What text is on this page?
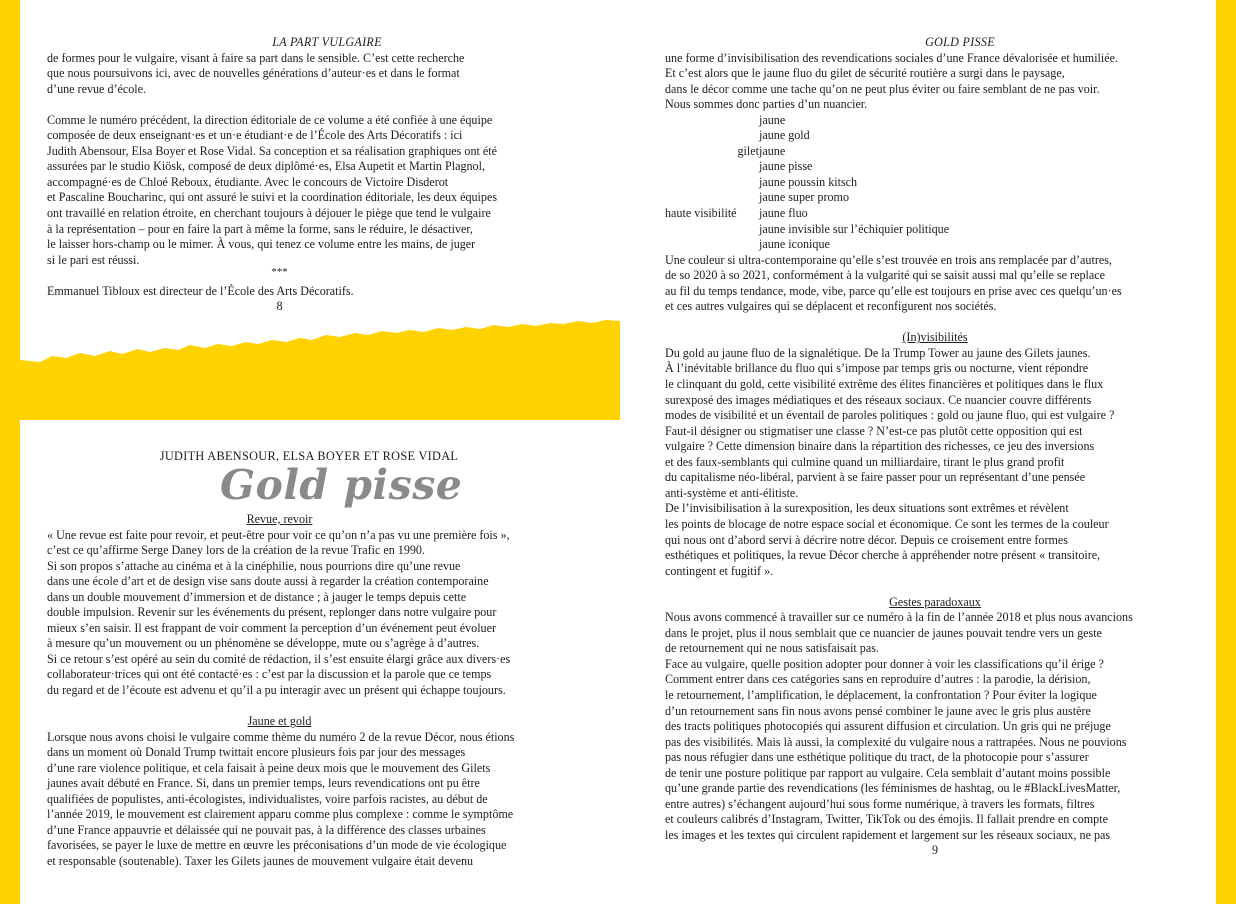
LA PART VULGAIRE
de formes pour le vulgaire, visant à faire sa part dans le sensible. C’est cette recherche
que nous poursuivons ici, avec de nouvelles générations d’auteur·es et dans le format
d’une revue d’école.
Comme le numéro précédent, la direction éditoriale de ce volume a été confiée à une équipe
composée de deux enseignant·es et un·e étudiant·e de l’École des Arts Décoratifs : ici
Judith Abensour, Elsa Boyer et Rose Vidal. Sa conception et sa réalisation graphiques ont été
assurées par le studio Kiösk, composé de deux diplômé·es, Elsa Aupetit et Martin Plagnol,
accompagné·es de Chloé Reboux, étudiante. Avec le concours de Victoire Disderot
et Pascaline Boucharinc, qui ont assuré le suivi et la coordination éditoriale, les deux équipes
ont travaillé en relation étroite, en cherchant toujours à déjouer le piège que tend le vulgaire
à la représentation – pour en faire la part à même la forme, sans le réduire, le désactiver,
le laisser hors-champ ou le mimer. À vous, qui tenez ce volume entre les mains, de juger
si le pari est réussi.
***
Emmanuel Tibloux est directeur de l’École des Arts Décoratifs.
8
JUDITH ABENSOUR, ELSA BOYER ET ROSE VIDAL
Gold pisse
Revue, revoir
« Une revue est faite pour revoir, et peut-être pour voir ce qu’on n’a pas vu une première fois »,
c’est ce qu’affirme Serge Daney lors de la création de la revue Trafic en 1990.
Si son propos s’attache au cinéma et à la cinéphilie, nous pourrions dire qu’une revue
dans une école d’art et de design vise sans doute aussi à regarder la création contemporaine
dans un double mouvement d’immersion et de distance ; à jauger le temps depuis cette
double impulsion. Revenir sur les événements du présent, replonger dans notre vulgaire pour
mieux s’en saisir. Il est frappant de voir comment la perception d’un événement peut évoluer
à mesure qu’un mouvement ou un phénomène se développe, mute ou s’agrège à d’autres.
Si ce retour s’est opéré au sein du comité de rédaction, il s’est ensuite élargi grâce aux divers·es
collaborateur·trices qui ont été contacté·es : c’est par la discussion et la parole que ce temps
du regard et de l’écoute est advenu et qu’il a pu interagir avec un présent qui échappe toujours.
Jaune et gold
Lorsque nous avons choisi le vulgaire comme thème du numéro 2 de la revue Décor, nous étions
dans un moment où Donald Trump twittait encore plusieurs fois par jour des messages
d’une rare violence politique, et cela faisait à peine deux mois que le mouvement des Gilets
jaunes avait débuté en France. Si, dans un premier temps, leurs revendications ont pu être
qualifiées de populistes, anti-écologistes, individualistes, voire parfois racistes, au début de
l’année 2019, le mouvement est clairement apparu comme plus complexe : comme le symptôme
d’une France appauvrie et délaissée qui ne pouvait pas, à la différence des classes urbaines
favorisées, se payer le luxe de mettre en œuvre les préconisations d’un mode de vie écologique
et responsable (soutenable). Taxer les Gilets jaunes de mouvement vulgaire était devenu
GOLD PISSE
une forme d’invisibilisation des revendications sociales d’une France dévalorisée et humiliée.
Et c’est alors que le jaune fluo du gilet de sécurité routière a surgi dans le paysage,
dans le décor comme une tache qu’on ne peut plus éviter ou faire semblant de ne pas voir.
Nous sommes donc parties d’un nuancier.
jaune
jaune gold
giletjaune
jaune pisse
jaune poussin kitsch
jaune super promo
haute visibilité jaune fluo
jaune invisible sur l’échiquier politique
jaune iconique
Une couleur si ultra-contemporaine qu’elle s’est trouvée en trois ans remplacée par d’autres,
de so 2020 à so 2021, conformément à la vulgarité qui se saisit aussi mal qu’elle se replace
au fil du temps tendance, mode, vibe, parce qu’elle est toujours en prise avec ces quelqu’un·es
et ces autres vulgaires qui se déplacent et reconfigurent nos sociétés.
(In)visibilités
Du gold au jaune fluo de la signalétique. De la Trump Tower au jaune des Gilets jaunes.
À l’inévitable brillance du fluo qui s’impose par temps gris ou nocturne, vient répondre
le clinquant du gold, cette visibilité extrême des élites financières et politiques dans le flux
surexposé des images médiatiques et des réseaux sociaux. Ce nuancier couvre différents
modes de visibilité et un éventail de paroles politiques : gold ou jaune fluo, qui est vulgaire ?
Faut-il désigner ou stigmatiser une classe ? N’est-ce pas plutôt cette opposition qui est
vulgaire ? Cette dimension binaire dans la répartition des richesses, ce jeu des inversions
et des faux-semblants qui culmine quand un milliardaire, tirant le plus grand profit
du capitalisme néo-libéral, parvient à se faire passer pour un représentant d’une pensée
anti-système et anti-élitiste.
De l’invisibilisation à la surexposition, les deux situations sont extrêmes et révèlent
les points de blocage de notre espace social et économique. Ce sont les termes de la couleur
qui nous ont d’abord servi à décrire notre décor. Depuis ce croisement entre formes
esthétiques et politiques, la revue Décor cherche à appréhender notre présent « transitoire,
contingent et fugitif ».
Gestes paradoxaux
Nous avons commencé à travailler sur ce numéro à la fin de l’année 2018 et plus nous avancions
dans le projet, plus il nous semblait que ce nuancier de jaunes pouvait tendre vers un geste
de retournement qui ne nous satisfaisait pas.
Face au vulgaire, quelle position adopter pour donner à voir les classifications qu’il érige ?
Comment entrer dans ces catégories sans en reproduire d’autres : la parodie, la dérision,
le retournement, l’amplification, le déplacement, la confrontation ? Pour éviter la logique
d’un retournement sans fin nous avons pensé combiner le jaune avec le gris plus austère
des tracts politiques photocopiés qui assurent diffusion et circulation. Un gris qui ne préjuge
pas des visibilités. Mais là aussi, la complexité du vulgaire nous a rattrapées. Nous ne pouvions
pas nous réfugier dans une esthétique politique du tract, de la photocopie pour s’assurer
de tenir une posture politique par rapport au vulgaire. Cela semblait d’autant moins possible
qu’une grande partie des revendications (les féminismes de hashtag, ou le #BlackLivesMatter,
entre autres) s’échangent aujourd’hui sous forme numérique, à travers les formats, filtres
et couleurs calibrés d’Instagram, Twitter, TikTok ou des émojis. Il fallait prendre en compte
les images et les textes qui circulent rapidement et largement sur les réseaux sociaux, ne pas
9
